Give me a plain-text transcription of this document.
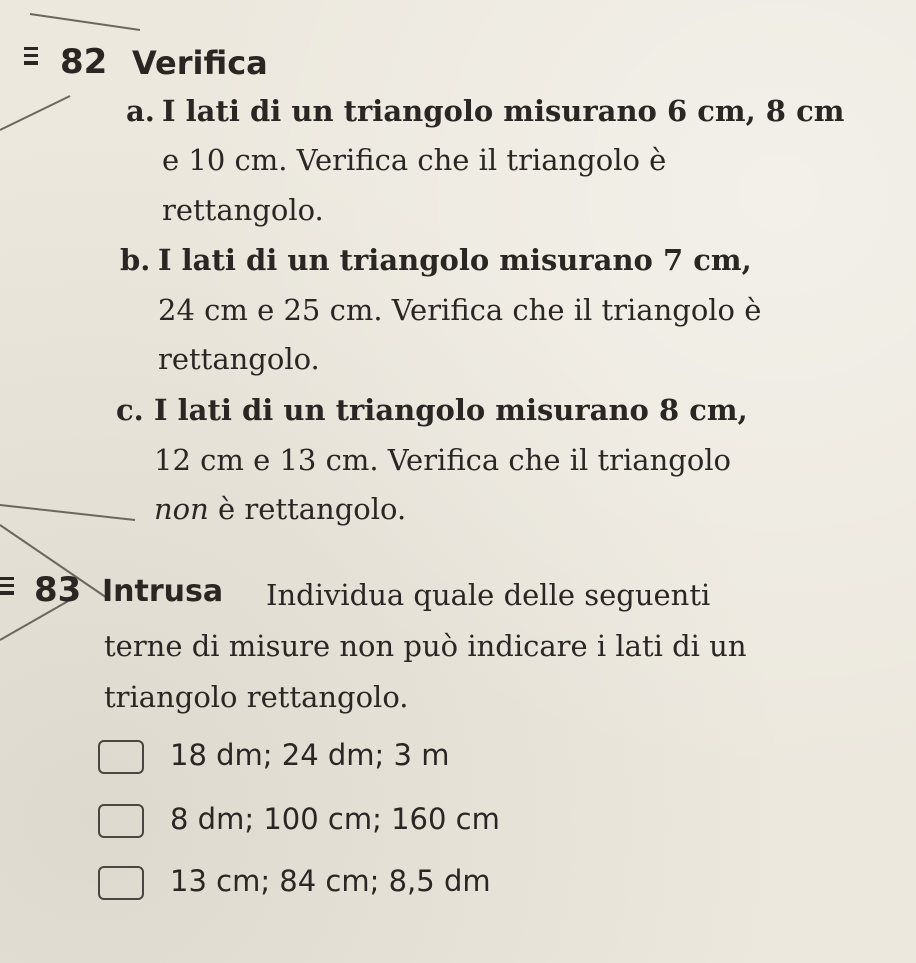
82 Verifica
a. I lati di un triangolo misurano 6 cm, 8 cm
e 10 cm. Verifica che il triangolo è
rettangolo.
b. I lati di un triangolo misurano 7 cm,
24 cm e 25 cm. Verifica che il triangolo è
rettangolo.
c. I lati di un triangolo misurano 8 cm,
12 cm e 13 cm. Verifica che il triangolo
non è rettangolo.
83 Intrusa Individua quale delle seguenti
terne di misure non può indicare i lati di un
triangolo rettangolo.
18 dm; 24 dm; 3 m
8 dm; 100 cm; 160 cm
13 cm; 84 cm; 8,5 dm
